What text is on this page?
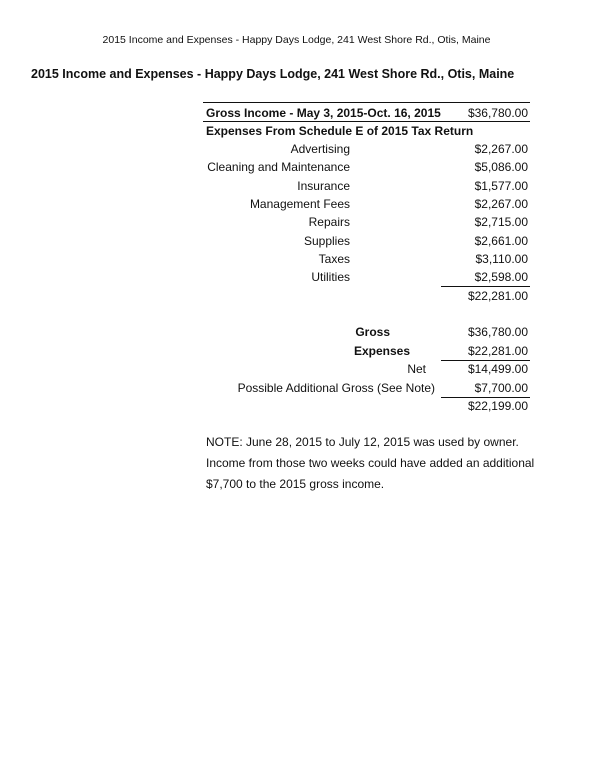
2015 Income and Expenses - Happy Days Lodge, 241 West Shore Rd., Otis, Maine
2015 Income and Expenses - Happy Days Lodge, 241 West Shore Rd., Otis, Maine
Gross Income - May 3, 2015-Oct. 16, 2015	$36,780.00
Expenses From Schedule E of 2015 Tax Return
Advertising	$2,267.00
Cleaning and Maintenance	$5,086.00
Insurance	$1,577.00
Management Fees	$2,267.00
Repairs	$2,715.00
Supplies	$2,661.00
Taxes	$3,110.00
Utilities	$2,598.00
$22,281.00
Gross	$36,780.00
Expenses	$22,281.00
Net	$14,499.00
Possible Additional Gross (See Note)	$7,700.00
$22,199.00
NOTE: June 28, 2015 to July 12, 2015 was used by owner.
Income from those two weeks could have added an additional
$7,700 to the 2015 gross income.
